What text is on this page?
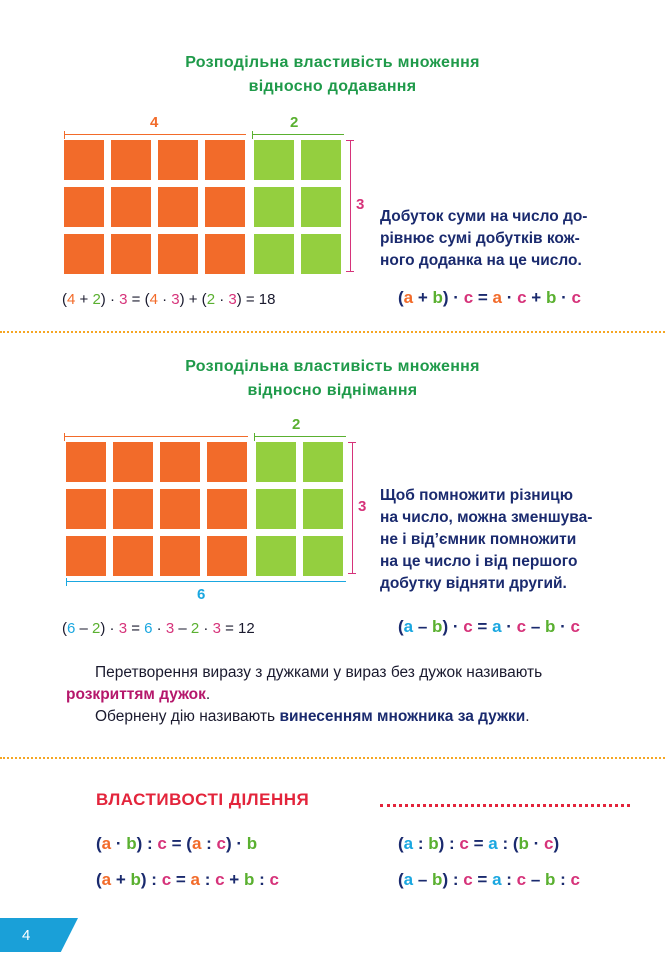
Розподільна властивість множення
відносно додавання
4	2
3
Добуток суми на число до-
рівнює сумі добутків кож-
ного доданка на це число.
(4 + 2) · 3 = (4 · 3) + (2 · 3) = 18	(a + b) · c = a · c + b · c
Розподільна властивість множення
відносно віднімання
2
3
6
Щоб помножити різницю
на число, можна зменшува-
не і від’ємник помножити
на це число і від першого
добутку відняти другий.
(6 – 2) · 3 = 6 · 3 – 2 · 3 = 12	(a – b) · c = a · c – b · c
Перетворення виразу з дужками у вираз без дужок називають
розкриттям дужок.
Обернену дію називають винесенням множника за дужки.
ВЛАСТИВОСТІ ДІЛЕННЯ
(a · b) : c = (a : c) · b	(a : b) : c = a : (b · c)
(a + b) : c = a : c + b : c	(a – b) : c = a : c – b : c
4
